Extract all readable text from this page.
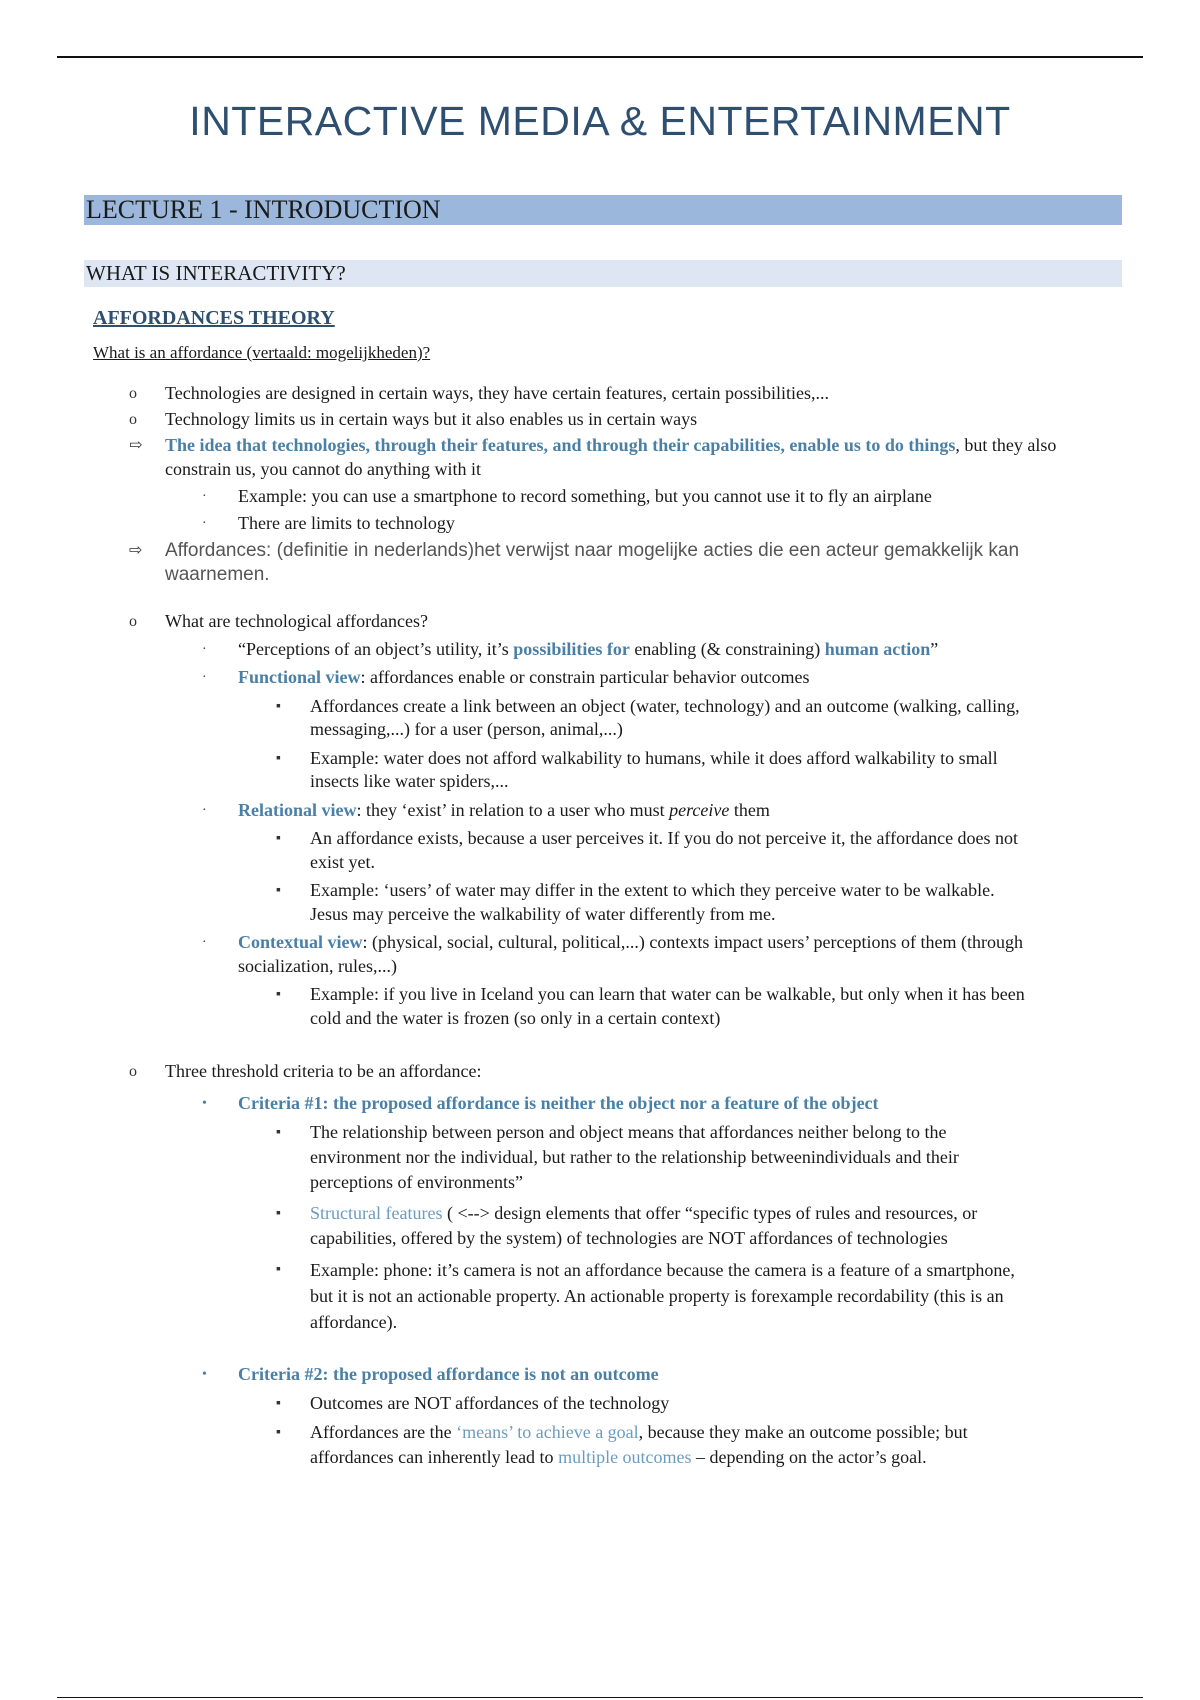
INTERACTIVE MEDIA & ENTERTAINMENT
LECTURE 1 - INTRODUCTION
WHAT IS INTERACTIVITY?
AFFORDANCES THEORY
What is an affordance (vertaald: mogelijkheden)?
o Technologies are designed in certain ways, they have certain features, certain possibilities,...
o Technology limits us in certain ways but it also enables us in certain ways
⇨ The idea that technologies, through their features, and through their capabilities, enable us to do things, but they also constrain us, you cannot do anything with it
· Example: you can use a smartphone to record something, but you cannot use it to fly an airplane
· There are limits to technology
⇨ Affordances: (definitie in nederlands)het verwijst naar mogelijke acties die een acteur gemakkelijk kan waarnemen.
o What are technological affordances?
· “Perceptions of an object’s utility, it’s possibilities for enabling (& constraining) human action”
· Functional view: affordances enable or constrain particular behavior outcomes
▪ Affordances create a link between an object (water, technology) and an outcome (walking, calling, messaging,...) for a user (person, animal,...)
▪ Example: water does not afford walkability to humans, while it does afford walkability to small insects like water spiders,...
· Relational view: they ‘exist’ in relation to a user who must perceive them
▪ An affordance exists, because a user perceives it. If you do not perceive it, the affordance does not exist yet.
▪ Example: ‘users’ of water may differ in the extent to which they perceive water to be walkable. Jesus may perceive the walkability of water differently from me.
· Contextual view: (physical, social, cultural, political,...) contexts impact users’ perceptions of them (through socialization, rules,...)
▪ Example: if you live in Iceland you can learn that water can be walkable, but only when it has been cold and the water is frozen (so only in a certain context)
o Three threshold criteria to be an affordance:
• Criteria #1: the proposed affordance is neither the object nor a feature of the object
▪ The relationship between person and object means that affordances neither belong to the environment nor the individual, but rather to the relationship betweenindividuals and their perceptions of environments”
▪ Structural features ( <--> design elements that offer “specific types of rules and resources, or capabilities, offered by the system) of technologies are NOT affordances of technologies
▪ Example: phone: it’s camera is not an affordance because the camera is a feature of a smartphone, but it is not an actionable property. An actionable property is forexample recordability (this is an affordance).
• Criteria #2: the proposed affordance is not an outcome
▪ Outcomes are NOT affordances of the technology
▪ Affordances are the ‘means’ to achieve a goal, because they make an outcome possible; but affordances can inherently lead to multiple outcomes – depending on the actor’s goal.
